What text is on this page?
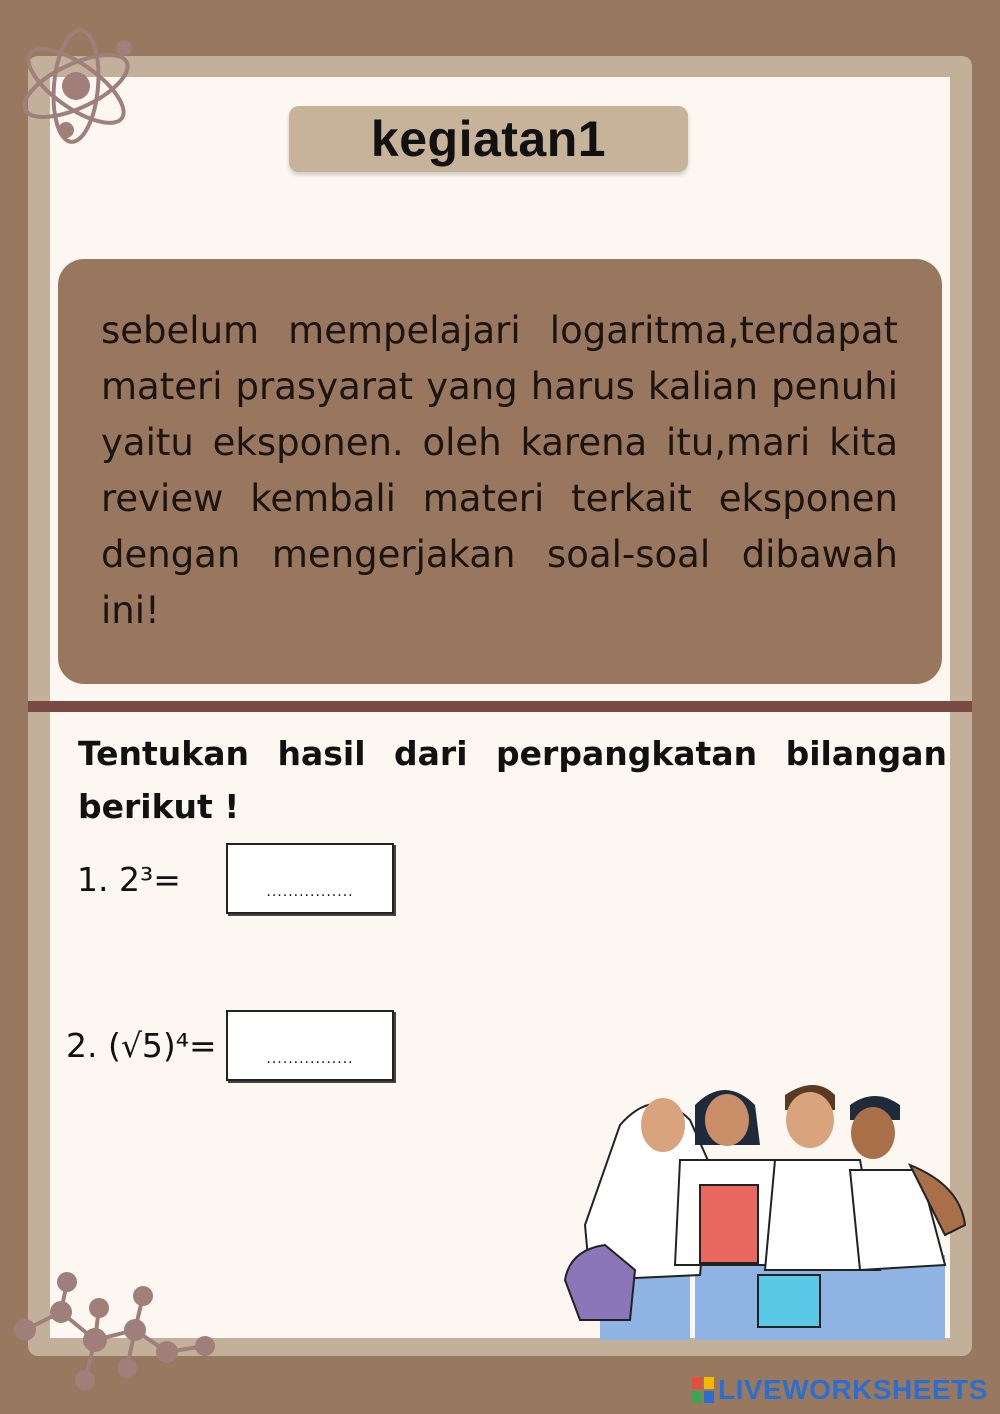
kegiatan1

sebelum mempelajari logaritma,terdapat materi prasyarat yang harus kalian penuhi yaitu eksponen. oleh karena itu,mari kita review kembali materi terkait eksponen dengan mengerjakan soal-soal dibawah ini!

Tentukan hasil dari perpangkatan bilangan berikut !

1. 2³=	................
2. (√5)⁴=	................
LIVEWORKSHEETS
